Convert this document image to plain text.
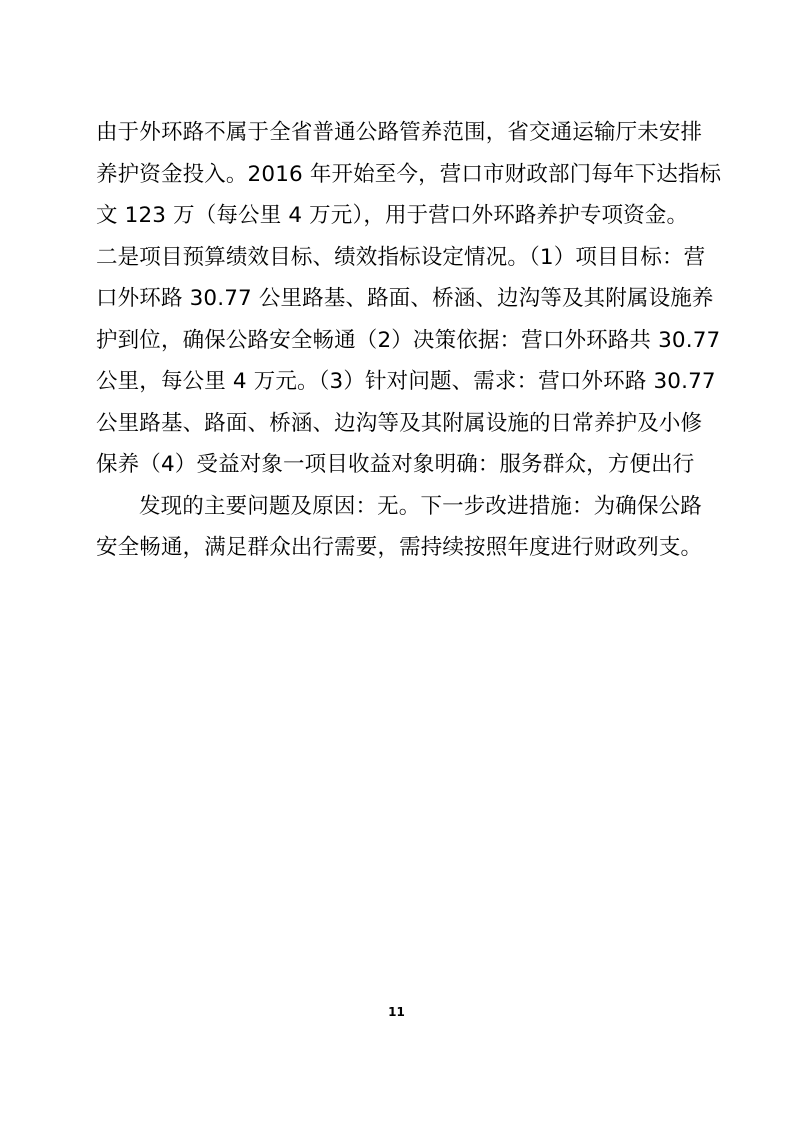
由于外环路不属于全省普通公路管养范围，省交通运输厅未安排
养护资金投入。2016 年开始至今，营口市财政部门每年下达指标
文 123 万（每公里 4 万元），用于营口外环路养护专项资金。
二是项目预算绩效目标、绩效指标设定情况。（1）项目目标：营
口外环路 30.77 公里路基、路面、桥涵、边沟等及其附属设施养
护到位，确保公路安全畅通（2）决策依据：营口外环路共 30.77
公里，每公里 4 万元。（3）针对问题、需求：营口外环路 30.77
公里路基、路面、桥涵、边沟等及其附属设施的日常养护及小修
保养（4）受益对象一项目收益对象明确：服务群众，方便出行
发现的主要问题及原因：无。下一步改进措施：为确保公路
安全畅通，满足群众出行需要，需持续按照年度进行财政列支。
11
